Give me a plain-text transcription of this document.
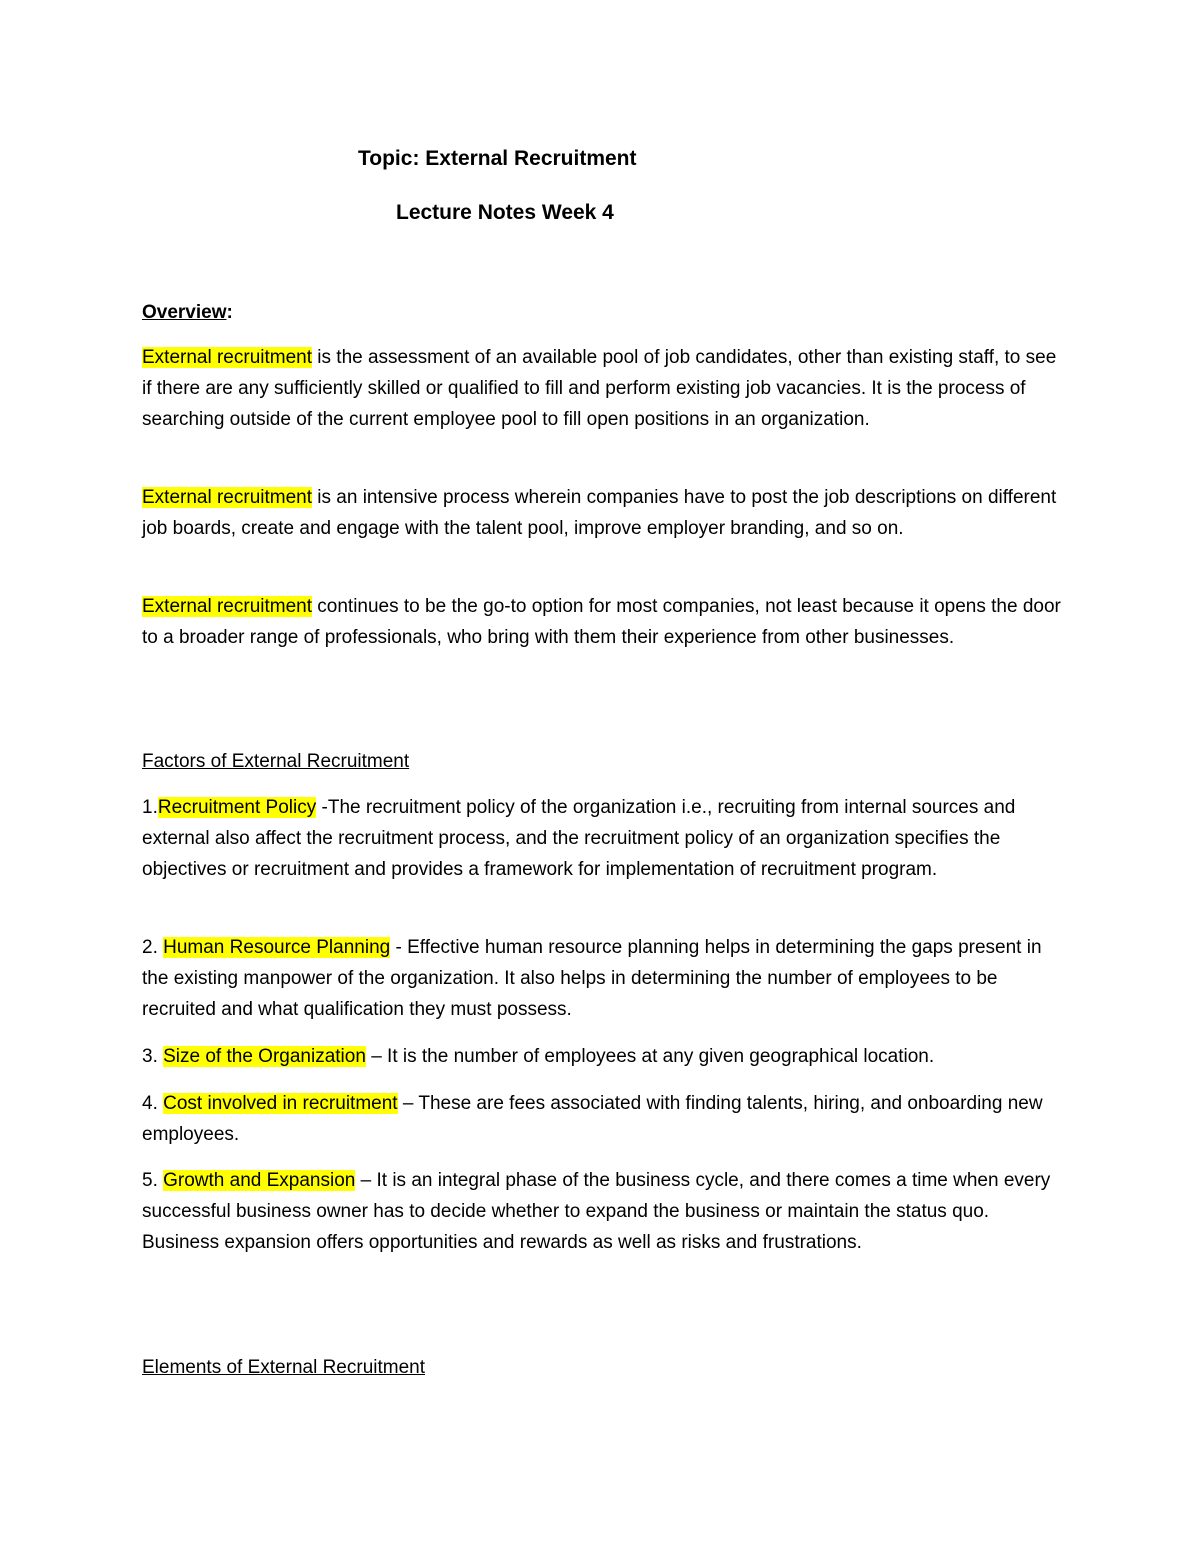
Topic: External Recruitment
Lecture Notes Week 4
Overview:

External recruitment is the assessment of an available pool of job candidates, other than existing staff, to see if there are any sufficiently skilled or qualified to fill and perform existing job vacancies. It is the process of searching outside of the current employee pool to fill open positions in an organization.

External recruitment is an intensive process wherein companies have to post the job descriptions on different job boards, create and engage with the talent pool, improve employer branding, and so on.

External recruitment continues to be the go-to option for most companies, not least because it opens the door to a broader range of professionals, who bring with them their experience from other businesses.

Factors of External Recruitment

1.Recruitment Policy -The recruitment policy of the organization i.e., recruiting from internal sources and external also affect the recruitment process, and the recruitment policy of an organization specifies the objectives or recruitment and provides a framework for implementation of recruitment program.

2. Human Resource Planning - Effective human resource planning helps in determining the gaps present in the existing manpower of the organization. It also helps in determining the number of employees to be recruited and what qualification they must possess.

3. Size of the Organization – It is the number of employees at any given geographical location.

4. Cost involved in recruitment – These are fees associated with finding talents, hiring, and onboarding new employees.

5. Growth and Expansion – It is an integral phase of the business cycle, and there comes a time when every successful business owner has to decide whether to expand the business or maintain the status quo. Business expansion offers opportunities and rewards as well as risks and frustrations.

Elements of External Recruitment
